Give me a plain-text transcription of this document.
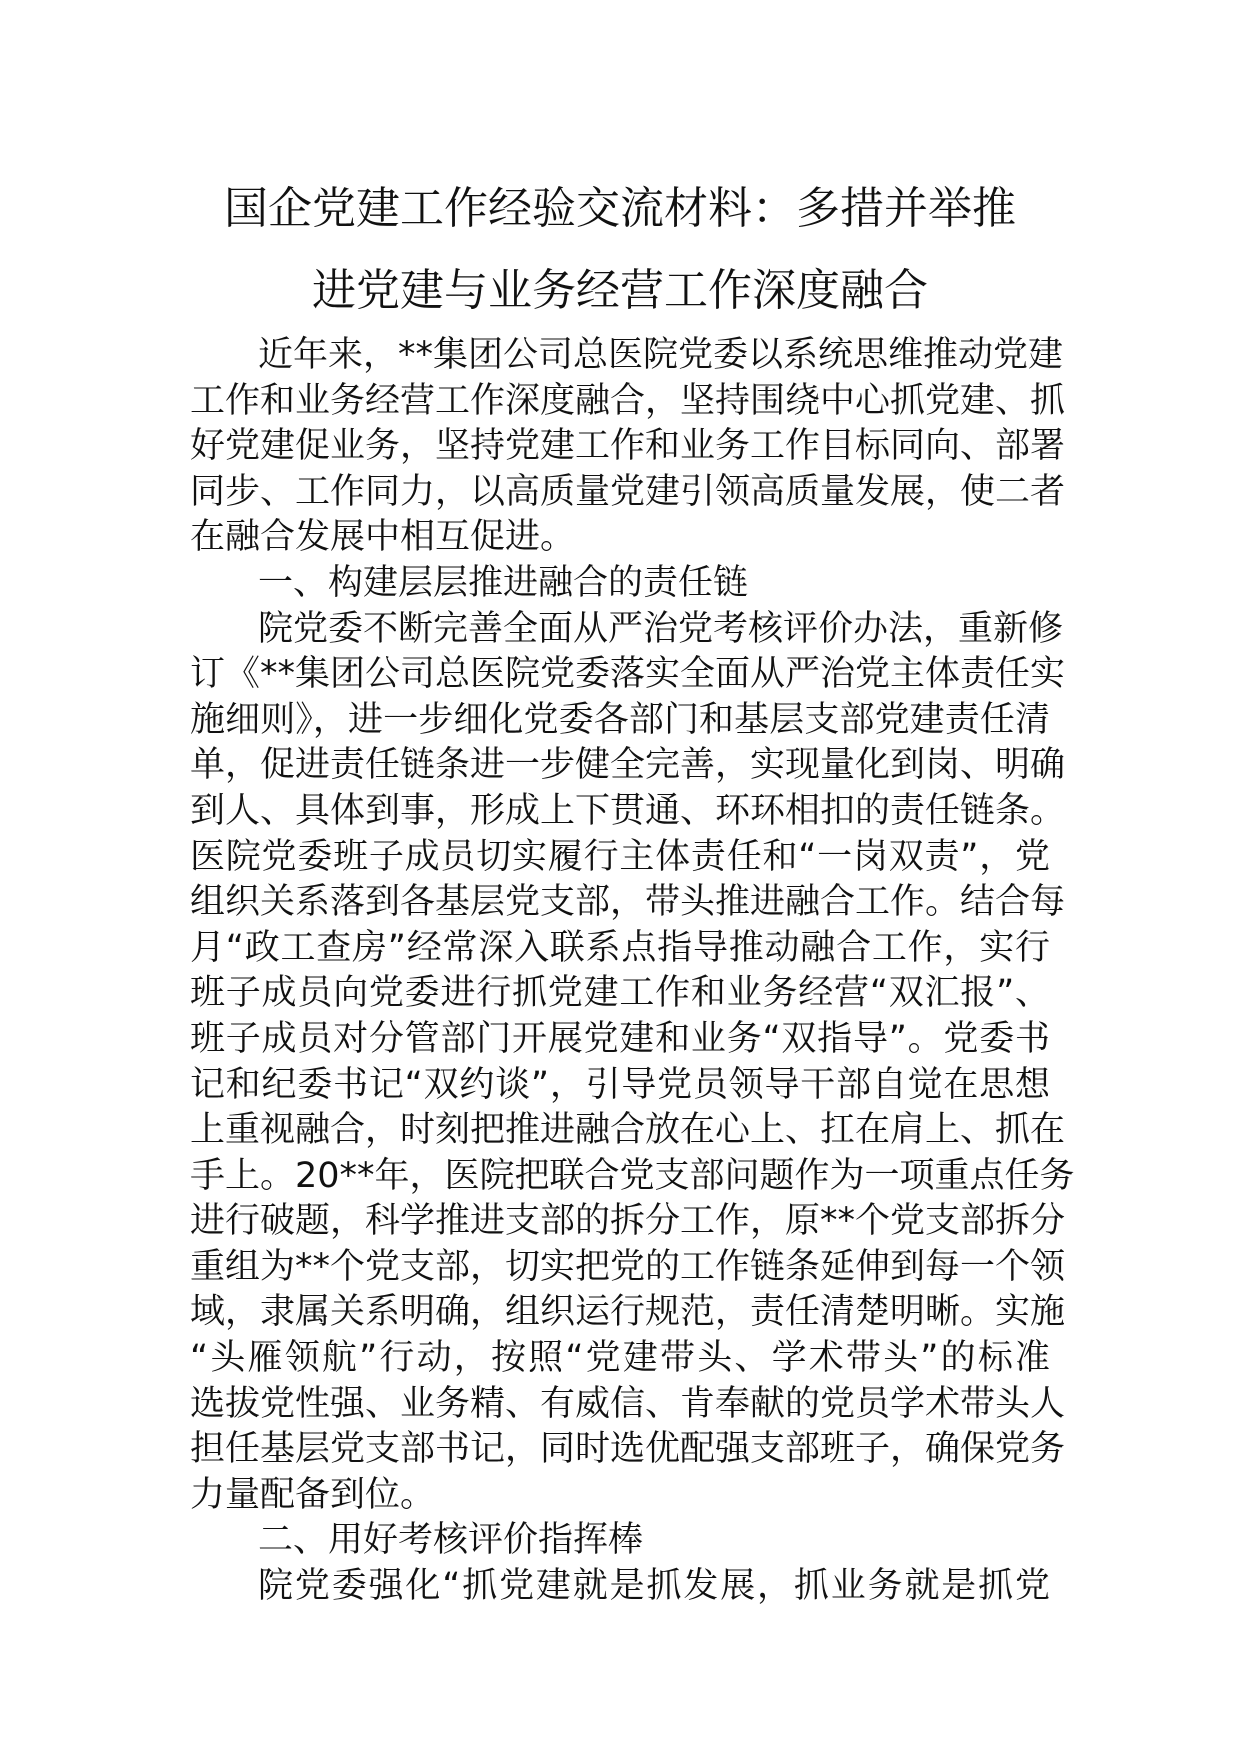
国企党建工作经验交流材料：多措并举推
进党建与业务经营工作深度融合
近年来，**集团公司总医院党委以系统思维推动党建
工作和业务经营工作深度融合，坚持围绕中心抓党建、抓
好党建促业务，坚持党建工作和业务工作目标同向、部署
同步、工作同力，以高质量党建引领高质量发展，使二者
在融合发展中相互促进。
一、构建层层推进融合的责任链
院党委不断完善全面从严治党考核评价办法，重新修
订《**集团公司总医院党委落实全面从严治党主体责任实
施细则》，进一步细化党委各部门和基层支部党建责任清
单，促进责任链条进一步健全完善，实现量化到岗、明确
到人、具体到事，形成上下贯通、环环相扣的责任链条。
医院党委班子成员切实履行主体责任和“一岗双责”，党
组织关系落到各基层党支部，带头推进融合工作。结合每
月“政工查房”经常深入联系点指导推动融合工作，实行
班子成员向党委进行抓党建工作和业务经营“双汇报”、
班子成员对分管部门开展党建和业务“双指导”。党委书
记和纪委书记“双约谈”，引导党员领导干部自觉在思想
上重视融合，时刻把推进融合放在心上、扛在肩上、抓在
手上。20**年，医院把联合党支部问题作为一项重点任务
进行破题，科学推进支部的拆分工作，原**个党支部拆分
重组为**个党支部，切实把党的工作链条延伸到每一个领
域，隶属关系明确，组织运行规范，责任清楚明晰。实施
“头雁领航”行动，按照“党建带头、学术带头”的标准
选拔党性强、业务精、有威信、肯奉献的党员学术带头人
担任基层党支部书记，同时选优配强支部班子，确保党务
力量配备到位。
二、用好考核评价指挥棒
院党委强化“抓党建就是抓发展，抓业务就是抓党
